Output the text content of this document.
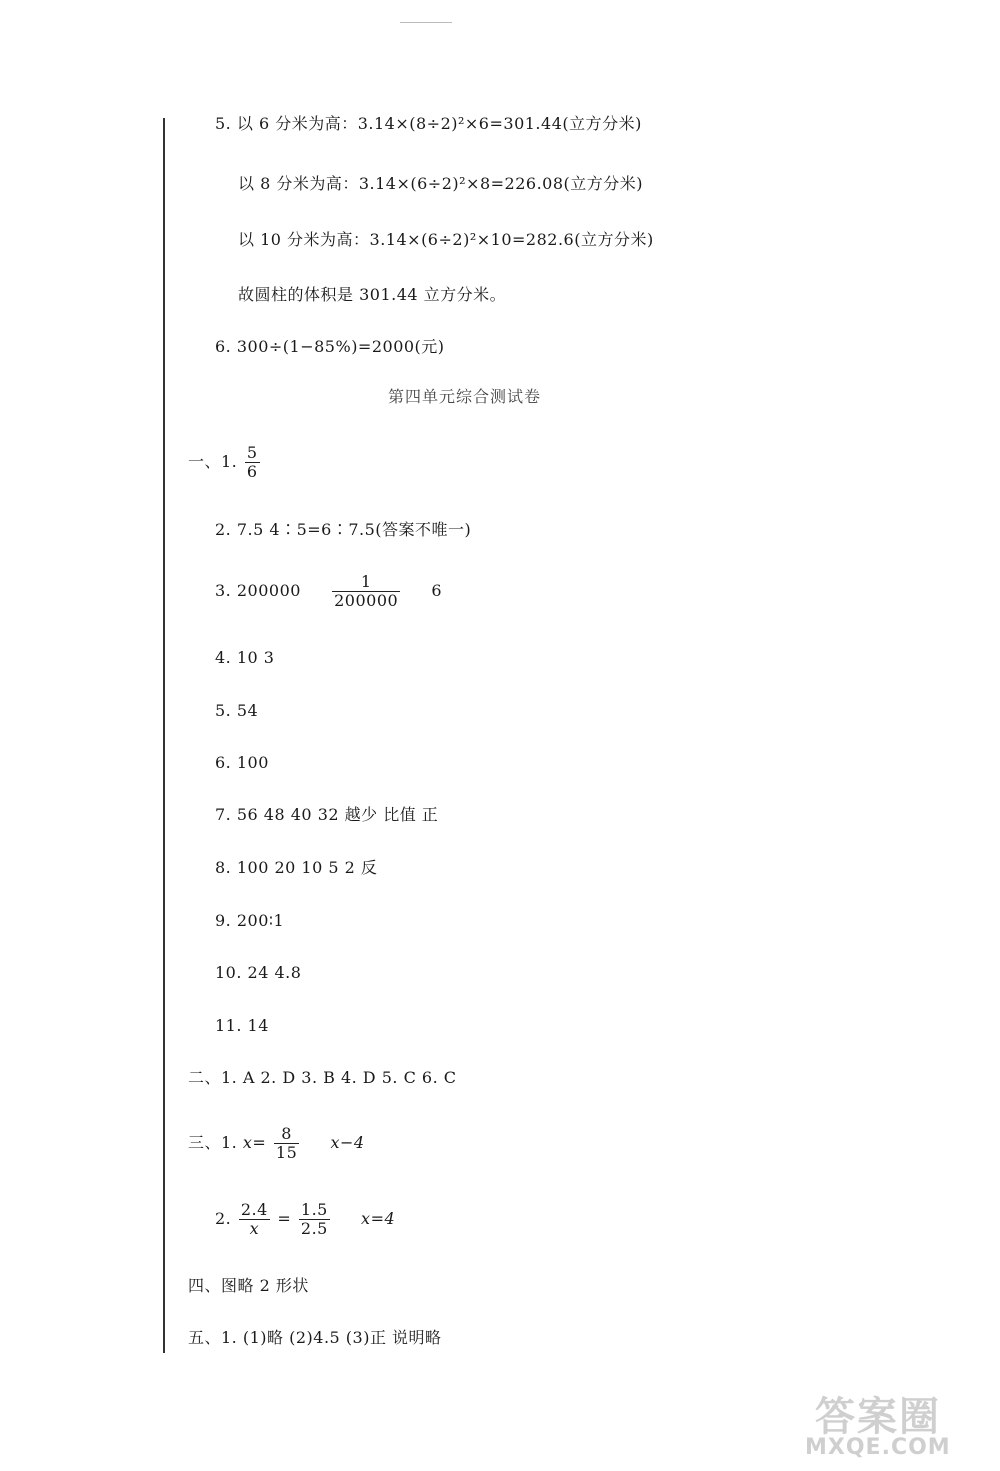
5. 以 6 分米为高：3.14×(8÷2)²×6=301.44(立方分米)
以 8 分米为高：3.14×(6÷2)²×8=226.08(立方分米)
以 10 分米为高：3.14×(6÷2)²×10=282.6(立方分米)
故圆柱的体积是 301.44 立方分米。
6. 300÷(1−85%)=2000(元)
第四单元综合测试卷
一、1. $\frac{5}{6}$
2. 7.5 4∶5=6∶7.5(答案不唯一)
3. $200000 \frac{1}{200000} 6$
4. 10 3
5. 54
6. 100
7. 56 48 40 32 越少 比值 正
8. 100 20 10 5 2 反
9. 200∶1
10. 24 4.8
11. 14
二、1. A 2. D 3. B 4. D 5. C 6. C
三、1. $x= \frac{8}{15} x-4$
2. $\frac{2.4}{x} = \frac{1.5}{2.5} x=4$
四、图略 2 形状
五、1. (1)略 (2)4.5 (3)正 说明略
答案圈
MXQE.COM
